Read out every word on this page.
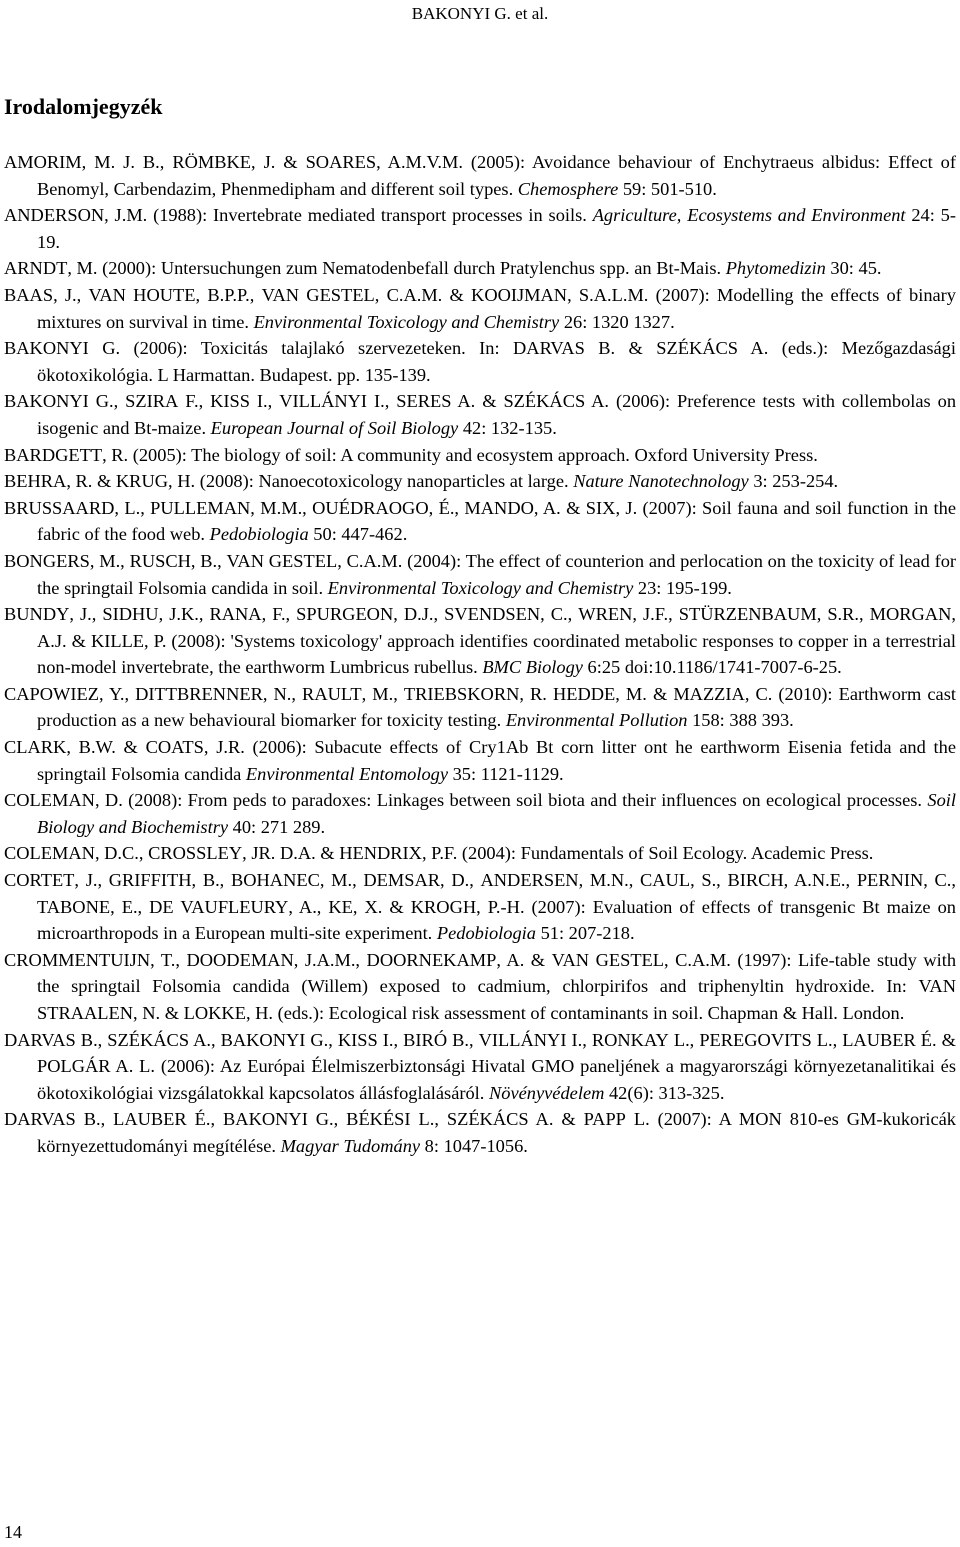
BAKONYI G. et al.
Irodalomjegyzék

AMORIM, M. J. B., RÖMBKE, J. & SOARES, A.M.V.M. (2005): Avoidance behaviour of Enchytraeus albidus: Effect of Benomyl, Carbendazim, Phenmedipham and different soil types. Chemosphere 59: 501-510.

ANDERSON, J.M. (1988): Invertebrate mediated transport processes in soils. Agriculture, Ecosystems and Environment 24: 5-19.

ARNDT, M. (2000): Untersuchungen zum Nematodenbefall durch Pratylenchus spp. an Bt-Mais. Phytomedizin 30: 45.

BAAS, J., VAN HOUTE, B.P.P., VAN GESTEL, C.A.M. & KOOIJMAN, S.A.L.M. (2007): Modelling the effects of binary mixtures on survival in time. Environmental Toxicology and Chemistry 26: 1320 1327.

BAKONYI G. (2006): Toxicitás talajlakó szervezeteken. In: DARVAS B. & SZÉKÁCS A. (eds.): Mezőgazdasági ökotoxikológia. L Harmattan. Budapest. pp. 135-139.

BAKONYI G., SZIRA F., KISS I., VILLÁNYI I., SERES A. & SZÉKÁCS A. (2006): Preference tests with collembolas on isogenic and Bt-maize. European Journal of Soil Biology 42: 132-135.

BARDGETT, R. (2005): The biology of soil: A community and ecosystem approach. Oxford University Press.

BEHRA, R. & KRUG, H. (2008): Nanoecotoxicology nanoparticles at large. Nature Nanotechnology 3: 253-254.

BRUSSAARD, L., PULLEMAN, M.M., OUÉDRAOGO, É., MANDO, A. & SIX, J. (2007): Soil fauna and soil function in the fabric of the food web. Pedobiologia 50: 447-462.

BONGERS, M., RUSCH, B., VAN GESTEL, C.A.M. (2004): The effect of counterion and perlocation on the toxicity of lead for the springtail Folsomia candida in soil. Environmental Toxicology and Chemistry 23: 195-199.

BUNDY, J., SIDHU, J.K., RANA, F., SPURGEON, D.J., SVENDSEN, C., WREN, J.F., STÜRZENBAUM, S.R., MORGAN, A.J. & KILLE, P. (2008): 'Systems toxicology' approach identifies coordinated metabolic responses to copper in a terrestrial non-model invertebrate, the earthworm Lumbricus rubellus. BMC Biology 6:25 doi:10.1186/1741-7007-6-25.

CAPOWIEZ, Y., DITTBRENNER, N., RAULT, M., TRIEBSKORN, R. HEDDE, M. & MAZZIA, C. (2010): Earthworm cast production as a new behavioural biomarker for toxicity testing. Environmental Pollution 158: 388 393.

CLARK, B.W. & COATS, J.R. (2006): Subacute effects of Cry1Ab Bt corn litter ont he earthworm Eisenia fetida and the springtail Folsomia candida Environmental Entomology 35: 1121-1129.

COLEMAN, D. (2008): From peds to paradoxes: Linkages between soil biota and their influences on ecological processes. Soil Biology and Biochemistry 40: 271 289.

COLEMAN, D.C., CROSSLEY, JR. D.A. & HENDRIX, P.F. (2004): Fundamentals of Soil Ecology. Academic Press.

CORTET, J., GRIFFITH, B., BOHANEC, M., DEMSAR, D., ANDERSEN, M.N., CAUL, S., BIRCH, A.N.E., PERNIN, C., TABONE, E., DE VAUFLEURY, A., KE, X. & KROGH, P.-H. (2007): Evaluation of effects of transgenic Bt maize on microarthropods in a European multi-site experiment. Pedobiologia 51: 207-218.

CROMMENTUIJN, T., DOODEMAN, J.A.M., DOORNEKAMP, A. & VAN GESTEL, C.A.M. (1997): Life-table study with the springtail Folsomia candida (Willem) exposed to cadmium, chlorpirifos and triphenyltin hydroxide. In: VAN STRAALEN, N. & LOKKE, H. (eds.): Ecological risk assessment of contaminants in soil. Chapman & Hall. London.

DARVAS B., SZÉKÁCS A., BAKONYI G., KISS I., BIRÓ B., VILLÁNYI I., RONKAY L., PEREGOVITS L., LAUBER É. & POLGÁR A. L. (2006): Az Európai Élelmiszerbiztonsági Hivatal GMO paneljének a magyarországi környezetanalitikai és ökotoxikológiai vizsgálatokkal kapcsolatos állásfoglalásáról. Növényvédelem 42(6): 313-325.

DARVAS B., LAUBER É., BAKONYI G., BÉKÉSI L., SZÉKÁCS A. & PAPP L. (2007): A MON 810-es GM-kukoricák környezettudományi megítélése. Magyar Tudomány 8: 1047-1056.

14
